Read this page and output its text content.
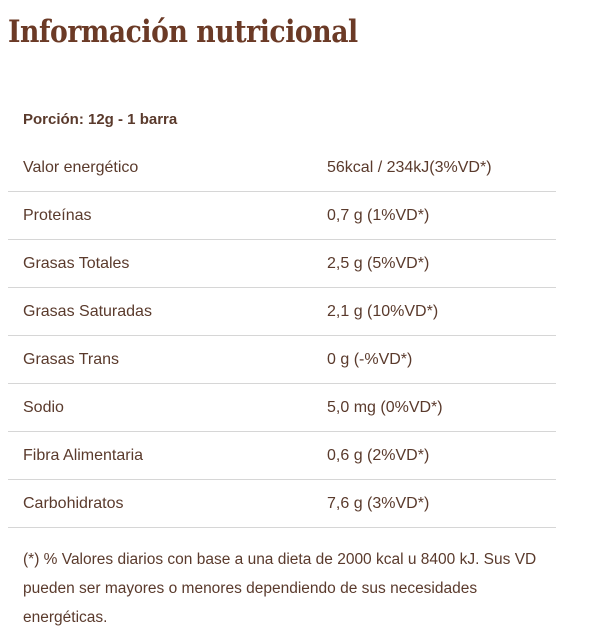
Información nutricional
Porción: 12g - 1 barra
Valor energético	56kcal / 234kJ(3%VD*)
Proteínas	0,7 g (1%VD*)
Grasas Totales	2,5 g (5%VD*)
Grasas Saturadas	2,1 g (10%VD*)
Grasas Trans	0 g (-%VD*)
Sodio	5,0 mg (0%VD*)
Fibra Alimentaria	0,6 g (2%VD*)
Carbohidratos	7,6 g (3%VD*)

(*) % Valores diarios con base a una dieta de 2000 kcal u 8400 kJ. Sus VD pueden ser mayores o menores dependiendo de sus necesidades energéticas.
